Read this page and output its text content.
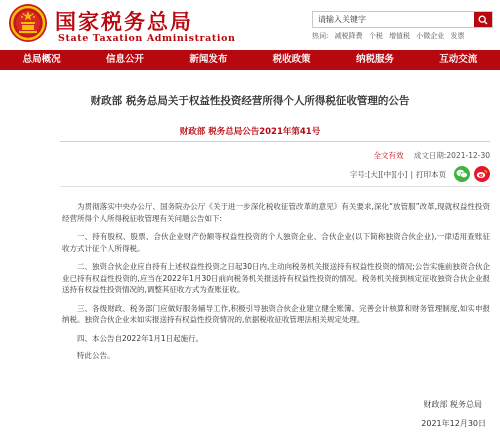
国家税务总局
State Taxation Administration
请输入关键字	热词: 减税降费 个税 增值税 小微企业 发票
总局概况	信息公开	新闻发布	税收政策	纳税服务	互动交流
财政部 税务总局关于权益性投资经营所得个人所得税征收管理的公告
财政部 税务总局公告2021年第41号
全文有效 成文日期:2021-12-30
字号: [ 大 ] [ 中 ] [ 小 ] | 打印本页

为贯彻落实中央办公厅、国务院办公厅《关于进一步深化税收征管改革的意见》有关要求,深化“放管服”改革,现就权益性投资经营所得个人所得税征收管理有关问题公告如下:

一、持有股权、股票、合伙企业财产份额等权益性投资的个人独资企业、合伙企业(以下简称独资合伙企业),一律适用查账征收方式计征个人所得税。

二、独资合伙企业应自持有上述权益性投资之日起30日内,主动向税务机关报送持有权益性投资的情况;公告实施前独资合伙企业已持有权益性投资的,应当在2022年1月30日前向税务机关报送持有权益性投资的情况。税务机关接到核定征收独资合伙企业报送持有权益性投资情况的,调整其征收方式为查账征收。

三、各级财政、税务部门应做好服务辅导工作,积极引导独资合伙企业建立健全账簿、完善会计核算和财务管理制度,如实申报纳税。独资合伙企业未如实报送持有权益性投资情况的,依据税收征收管理法相关规定处理。

四、本公告自2022年1月1日起施行。

特此公告。

财政部 税务总局
2021年12月30日
